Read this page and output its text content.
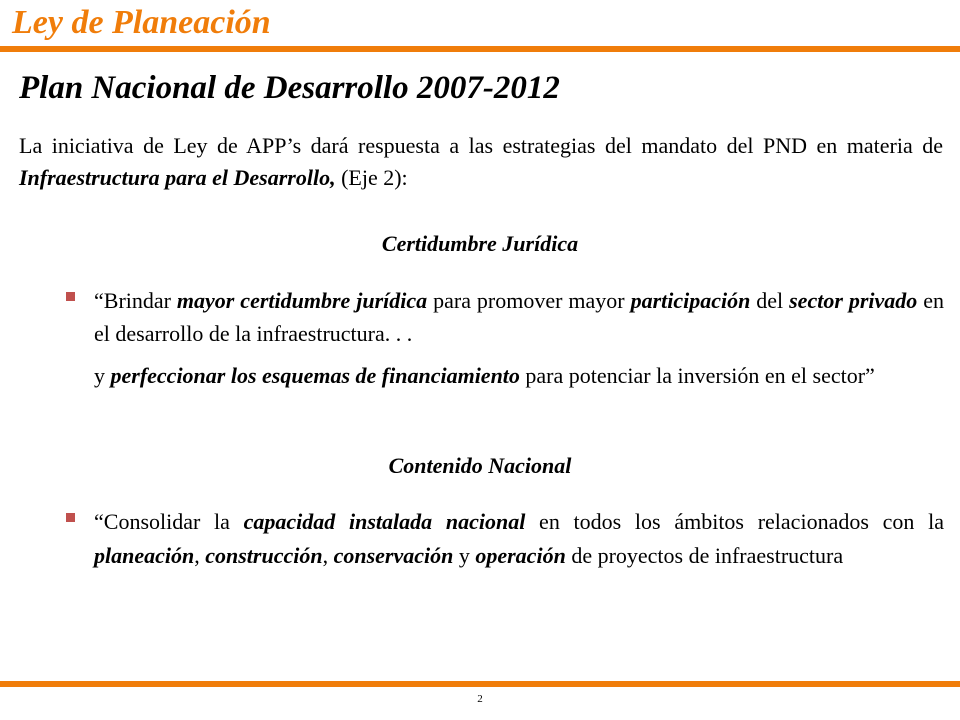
Ley de Planeación
Plan Nacional de Desarrollo 2007-2012

La iniciativa de Ley de APP’s dará respuesta a las estrategias del mandato del PND en materia de Infraestructura para el Desarrollo, (Eje 2):

Certidumbre Jurídica

“Brindar mayor certidumbre jurídica para promover mayor participación del sector privado en el desarrollo de la infraestructura. . .
y perfeccionar los esquemas de financiamiento para potenciar la inversión en el sector”

Contenido Nacional

“Consolidar la capacidad instalada nacional en todos los ámbitos relacionados con la planeación, construcción, conservación y operación de proyectos de infraestructura

2
